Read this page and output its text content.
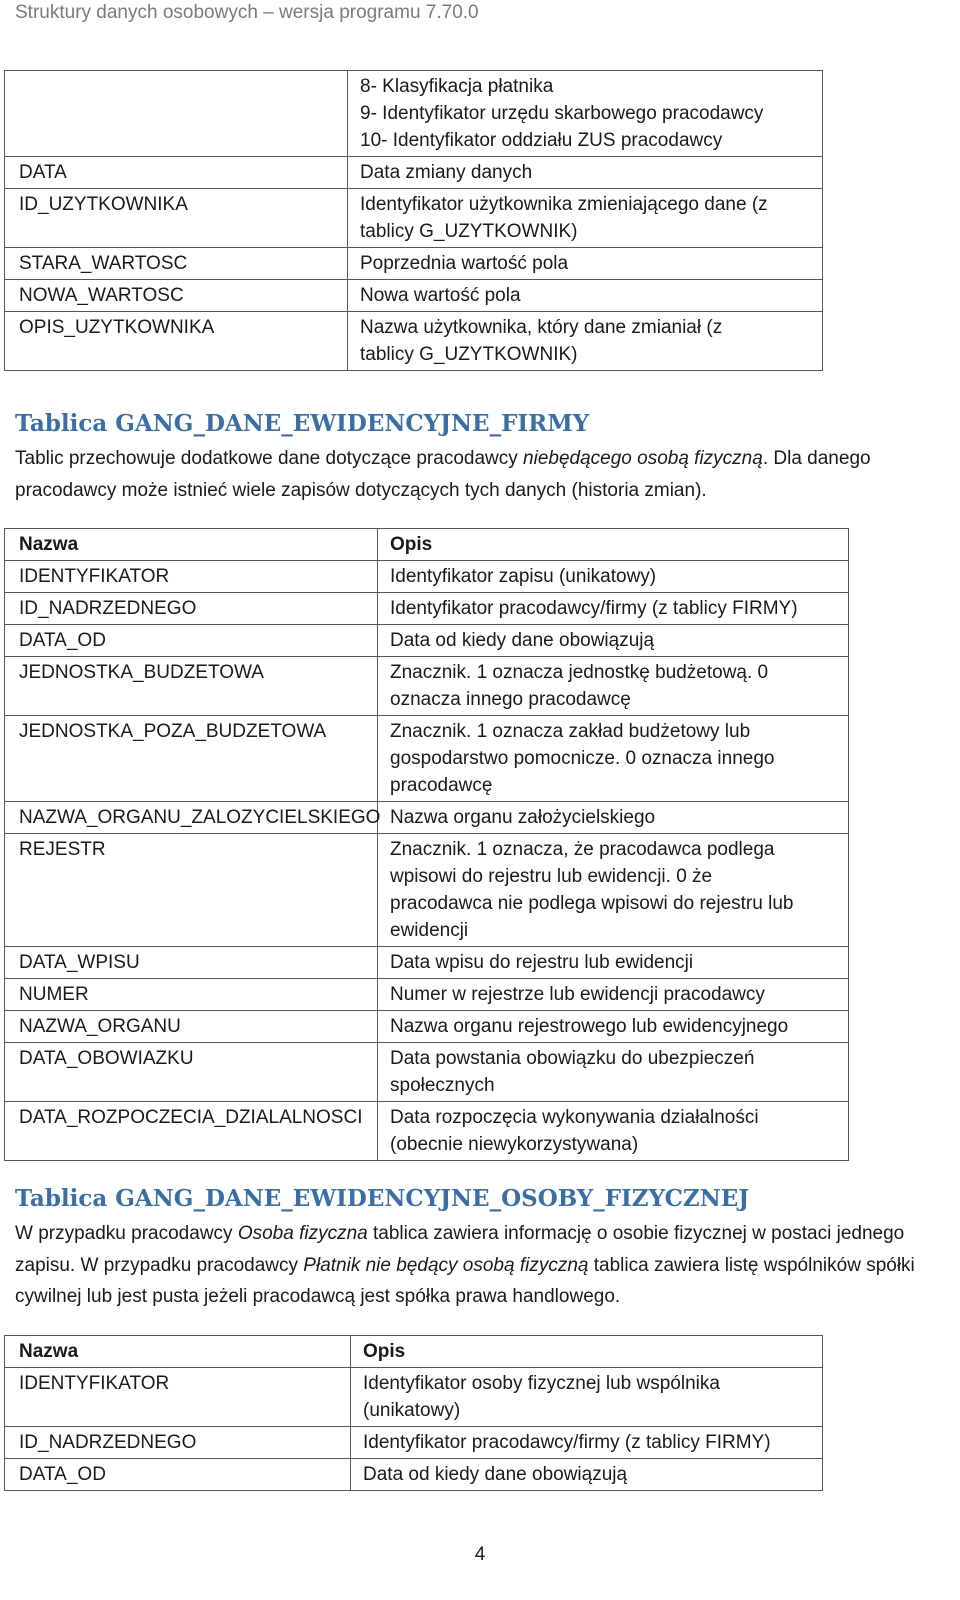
Struktury danych osobowych – wersja programu 7.70.0

	8- Klasyfikacja płatnika
9- Identyfikator urzędu skarbowego pracodawcy
10- Identyfikator oddziału ZUS pracodawcy

DATA	Data zmiany danych

ID_UZYTKOWNIKA	Identyfikator użytkownika zmieniającego dane (z
tablicy G_UZYTKOWNIK)

STARA_WARTOSC	Poprzednia wartość pola

NOWA_WARTOSC	Nowa wartość pola

OPIS_UZYTKOWNIKA	Nazwa użytkownika, który dane zmianiał (z
tablicy G_UZYTKOWNIK)
Tablica GANG_DANE_EWIDENCYJNE_FIRMY

Tablic przechowuje dodatkowe dane dotyczące pracodawcy niebędącego osobą fizyczną. Dla danego pracodawcy może istnieć wiele zapisów dotyczących tych danych (historia zmian).

Nazwa	Opis
IDENTYFIKATOR	Identyfikator zapisu (unikatowy)

ID_NADRZEDNEGO	Identyfikator pracodawcy/firmy (z tablicy FIRMY)

DATA_OD	Data od kiedy dane obowiązują

JEDNOSTKA_BUDZETOWA	Znacznik. 1 oznacza jednostkę budżetową. 0
oznacza innego pracodawcę

JEDNOSTKA_POZA_BUDZETOWA	Znacznik. 1 oznacza zakład budżetowy lub
gospodarstwo pomocnicze. 0 oznacza innego
pracodawcę

NAZWA_ORGANU_ZALOZYCIELSKIEGO	Nazwa organu założycielskiego

REJESTR	Znacznik. 1 oznacza, że pracodawca podlega
wpisowi do rejestru lub ewidencji. 0 że
pracodawca nie podlega wpisowi do rejestru lub
ewidencji

DATA_WPISU	Data wpisu do rejestru lub ewidencji

NUMER	Numer w rejestrze lub ewidencji pracodawcy

NAZWA_ORGANU	Nazwa organu rejestrowego lub ewidencyjnego

DATA_OBOWIAZKU	Data powstania obowiązku do ubezpieczeń
społecznych

DATA_ROZPOCZECIA_DZIALALNOSCI	Data rozpoczęcia wykonywania działalności
(obecnie niewykorzystywana)
Tablica GANG_DANE_EWIDENCYJNE_OSOBY_FIZYCZNEJ

W przypadku pracodawcy Osoba fizyczna tablica zawiera informację o osobie fizycznej w postaci jednego zapisu. W przypadku pracodawcy Płatnik nie będący osobą fizyczną tablica zawiera listę wspólników spółki cywilnej lub jest pusta jeżeli pracodawcą jest spółka prawa handlowego.

Nazwa	Opis
IDENTYFIKATOR	Identyfikator osoby fizycznej lub wspólnika
(unikatowy)

ID_NADRZEDNEGO	Identyfikator pracodawcy/firmy (z tablicy FIRMY)

DATA_OD	Data od kiedy dane obowiązują
4
